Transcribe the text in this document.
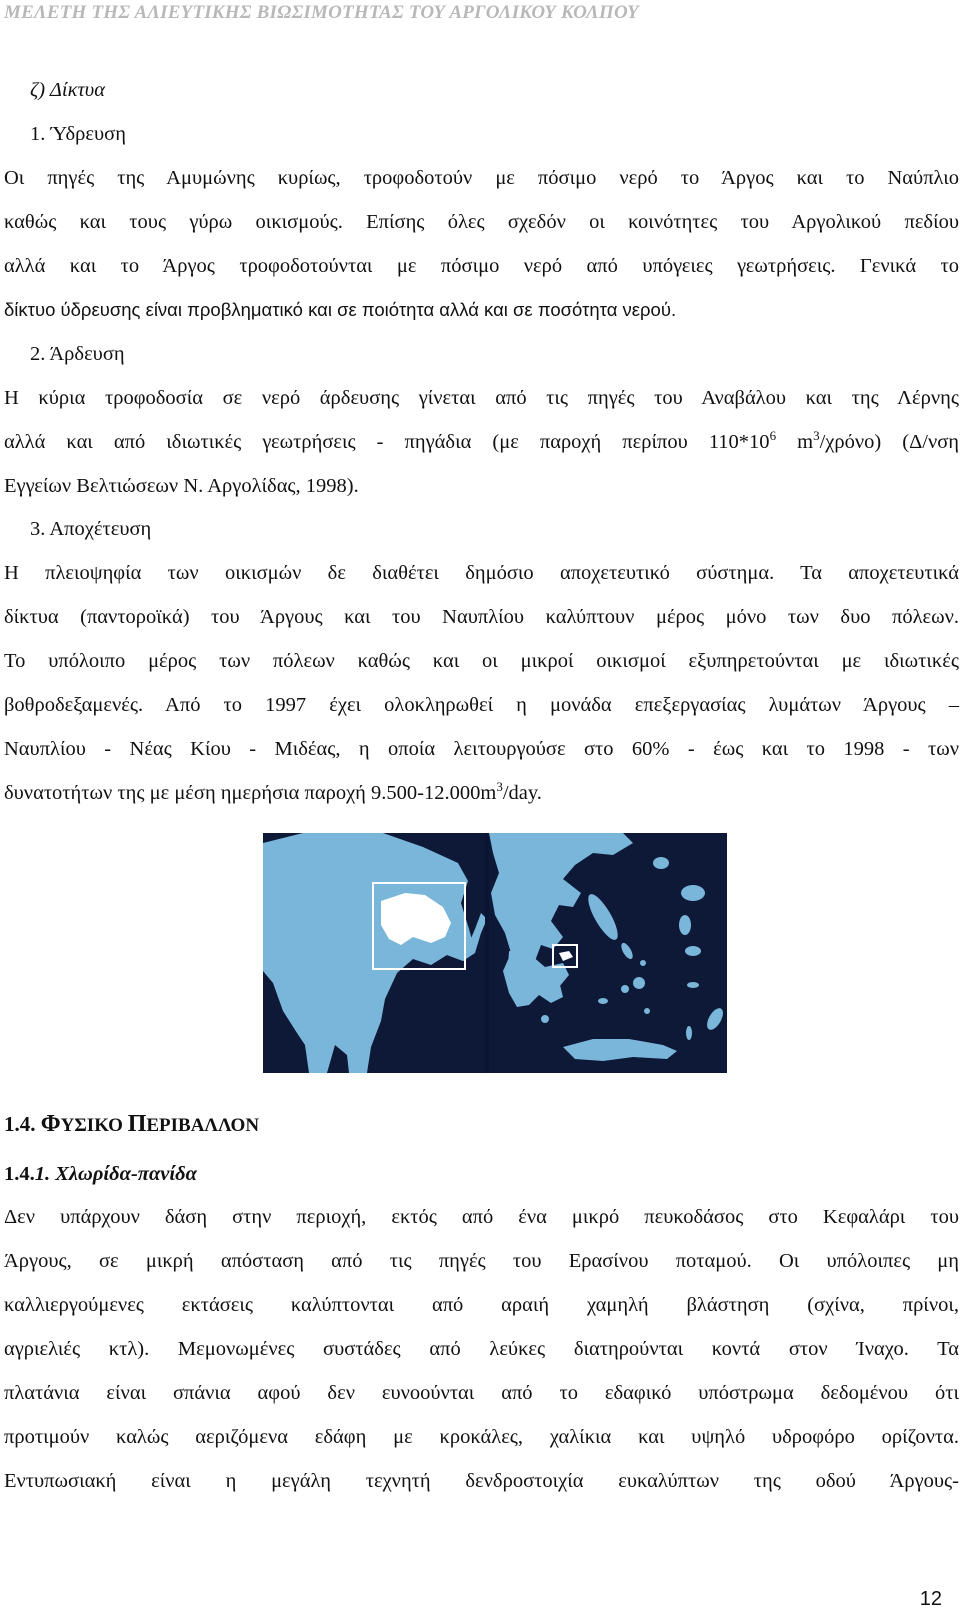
ΜΕΛΕΤΗ ΤΗΣ ΑΛΙΕΥΤΙΚΗΣ ΒΙΩΣΙΜΟΤΗΤΑΣ ΤΟΥ ΑΡΓΟΛΙΚΟΥ ΚΟΛΠΟΥ
ζ) Δίκτυα
1. Ύδρευση
Οι πηγές της Αμυμώνης κυρίως, τροφοδοτούν με πόσιμο νερό το Άργος και το Ναύπλιο
καθώς και τους γύρω οικισμούς. Επίσης όλες σχεδόν οι κοινότητες του Αργολικού πεδίου
αλλά και το Άργος τροφοδοτούνται με πόσιμο νερό από υπόγειες γεωτρήσεις. Γενικά το
δίκτυο ύδρευσης είναι προβληματικό και σε ποιότητα αλλά και σε ποσότητα νερού.
2. Άρδευση
Η κύρια τροφοδοσία σε νερό άρδευσης γίνεται από τις πηγές του Αναβάλου και της Λέρνης
αλλά και από ιδιωτικές γεωτρήσεις - πηγάδια (με παροχή περίπου $110*10^6$ $m^3/\chi\rho ό\nu o$) (Δ/νση
Εγγείων Βελτιώσεων Ν. Αργολίδας, 1998).
3. Αποχέτευση
Η πλειοψηφία των οικισμών δε διαθέτει δημόσιο αποχετευτικό σύστημα. Τα αποχετευτικά
δίκτυα (παντοροϊκά) του Άργους και του Ναυπλίου καλύπτουν μέρος μόνο των δυο πόλεων.
Το υπόλοιπο μέρος των πόλεων καθώς και οι μικροί οικισμοί εξυπηρετούνται με ιδιωτικές
βοθροδεξαμενές. Από το 1997 έχει ολοκληρωθεί η μονάδα επεξεργασίας λυμάτων Άργους –
Ναυπλίου - Νέας Κίου - Μιδέας, η οποία λειτουργούσε στο 60% - έως και το 1998 - των
δυνατοτήτων της με μέση ημερήσια παροχή $9.500-12.000m^3$/day.
1.4. ΦΥΣΙΚΟ ΠΕΡΙΒΑΛΛΟΝ
1.4.1. Χλωρίδα-πανίδα
Δεν υπάρχουν δάση στην περιοχή, εκτός από ένα μικρό πευκοδάσος στο Κεφαλάρι του
Άργους, σε μικρή απόσταση από τις πηγές του Ερασίνου ποταμού. Οι υπόλοιπες μη
καλλιεργούμενες εκτάσεις καλύπτονται από αραιή χαμηλή βλάστηση (σχίνα, πρίνοι,
αγριελιές κτλ). Μεμονωμένες συστάδες από λεύκες διατηρούνται κοντά στον Ίναχο. Τα
πλατάνια είναι σπάνια αφού δεν ευνοούνται από το εδαφικό υπόστρωμα δεδομένου ότι
προτιμούν καλώς αεριζόμενα εδάφη με κροκάλες, χαλίκια και υψηλό υδροφόρο ορίζοντα.
Εντυπωσιακή είναι η μεγάλη τεχνητή δενδροστοιχία ευκαλύπτων της οδού Άργους-
12
